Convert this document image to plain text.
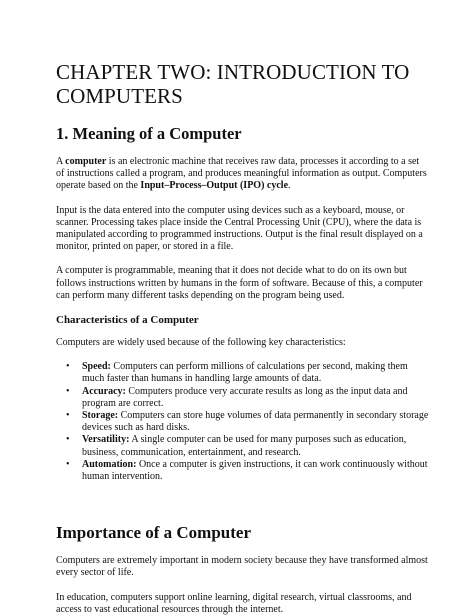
CHAPTER TWO: INTRODUCTION TO COMPUTERS
1. Meaning of a Computer

A computer is an electronic machine that receives raw data, processes it according to a set of instructions called a program, and produces meaningful information as output. Computers operate based on the Input–Process–Output (IPO) cycle.

Input is the data entered into the computer using devices such as a keyboard, mouse, or scanner. Processing takes place inside the Central Processing Unit (CPU), where the data is manipulated according to programmed instructions. Output is the final result displayed on a monitor, printed on paper, or stored in a file.

A computer is programmable, meaning that it does not decide what to do on its own but follows instructions written by humans in the form of software. Because of this, a computer can perform many different tasks depending on the program being used.

Characteristics of a Computer

Computers are widely used because of the following key characteristics:

• Speed: Computers can perform millions of calculations per second, making them much faster than humans in handling large amounts of data.
• Accuracy: Computers produce very accurate results as long as the input data and program are correct.
• Storage: Computers can store huge volumes of data permanently in secondary storage devices such as hard disks.
• Versatility: A single computer can be used for many purposes such as education, business, communication, entertainment, and research.
• Automation: Once a computer is given instructions, it can work continuously without human intervention.
Importance of a Computer

Computers are extremely important in modern society because they have transformed almost every sector of life.

In education, computers support online learning, digital research, virtual classrooms, and access to vast educational resources through the internet.
